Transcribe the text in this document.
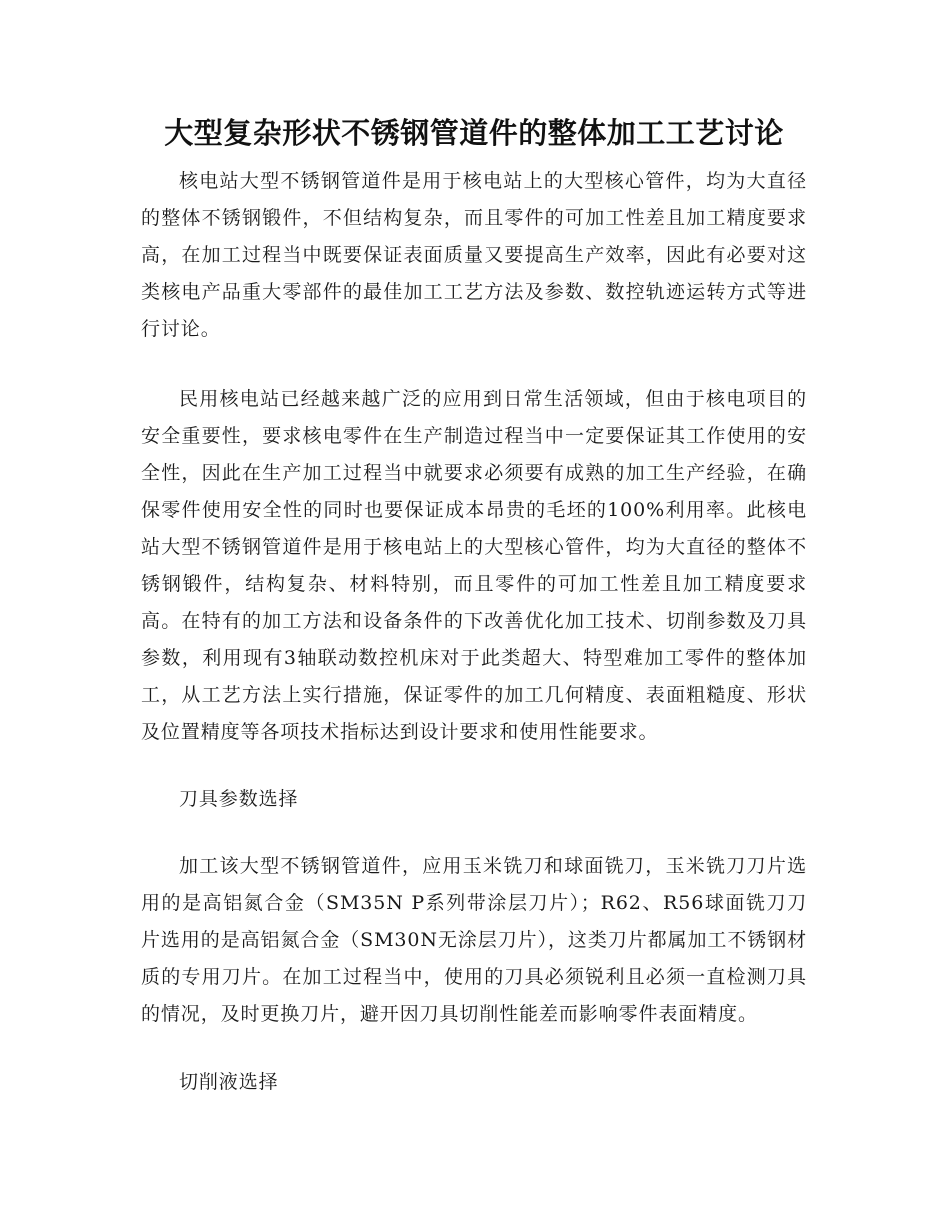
大型复杂形状不锈钢管道件的整体加工工艺讨论

核电站大型不锈钢管道件是用于核电站上的大型核心管件，均为大直径的整体不锈钢锻件，不但结构复杂，而且零件的可加工性差且加工精度要求高，在加工过程当中既要保证表面质量又要提高生产效率，因此有必要对这类核电产品重大零部件的最佳加工工艺方法及参数、数控轨迹运转方式等进行讨论。

民用核电站已经越来越广泛的应用到日常生活领域，但由于核电项目的安全重要性，要求核电零件在生产制造过程当中一定要保证其工作使用的安全性，因此在生产加工过程当中就要求必须要有成熟的加工生产经验，在确保零件使用安全性的同时也要保证成本昂贵的毛坯的100%利用率。此核电站大型不锈钢管道件是用于核电站上的大型核心管件，均为大直径的整体不锈钢锻件，结构复杂、材料特别，而且零件的可加工性差且加工精度要求高。在特有的加工方法和设备条件的下改善优化加工技术、切削参数及刀具参数，利用现有3轴联动数控机床对于此类超大、特型难加工零件的整体加工，从工艺方法上实行措施，保证零件的加工几何精度、表面粗糙度、形状及位置精度等各项技术指标达到设计要求和使用性能要求。

刀具参数选择

加工该大型不锈钢管道件，应用玉米铣刀和球面铣刀，玉米铣刀刀片选用的是高铝氮合金（SM35N P系列带涂层刀片）；R62、R56球面铣刀刀片选用的是高铝氮合金（SM30N无涂层刀片），这类刀片都属加工不锈钢材质的专用刀片。在加工过程当中，使用的刀具必须锐利且必须一直检测刀具的情况，及时更换刀片，避开因刀具切削性能差而影响零件表面精度。

切削液选择
